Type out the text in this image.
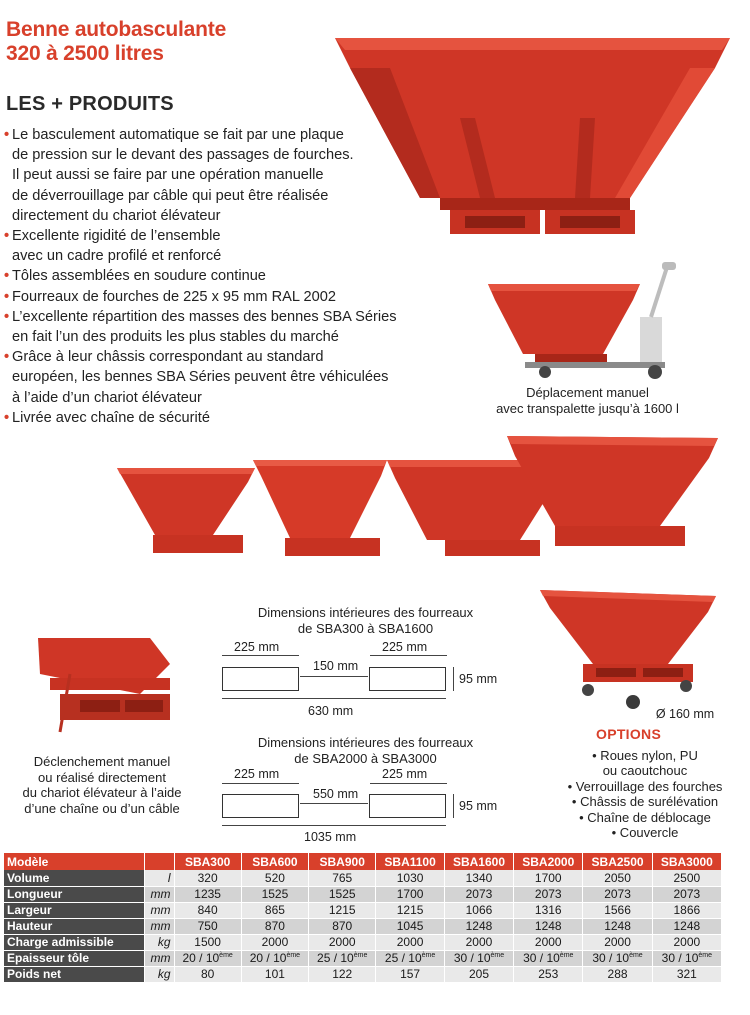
Benne autobasculante
320 à 2500 litres
LES + PRODUITS
• Le basculement automatique se fait par une plaque
de pression sur le devant des passages de fourches.
Il peut aussi se faire par une opération manuelle
de déverrouillage par câble qui peut être réalisée
directement du chariot élévateur
• Excellente rigidité de l’ensemble
avec un cadre profilé et renforcé
• Tôles assemblées en soudure continue
• Fourreaux de fourches de 225 x 95 mm RAL 2002
• L’excellente répartition des masses des bennes SBA Séries
en fait l’un des produits les plus stables du marché
• Grâce à leur châssis correspondant au standard
européen, les bennes SBA Séries peuvent être véhiculées
à l’aide d’un chariot élévateur
• Livrée avec chaîne de sécurité
Déplacement manuel
avec transpalette jusqu’à 1600 l
Ø 160 mm
Déclenchement manuel
ou réalisé directement
du chariot élévateur à l’aide
d’une chaîne ou d’un câble
Dimensions intérieures des fourreaux
de SBA300 à SBA1600
225 mm	225 mm
150 mm
95 mm
630 mm
Dimensions intérieures des fourreaux
de SBA2000 à SBA3000
225 mm	225 mm
550 mm
95 mm
1035 mm
OPTIONS
• Roues nylon, PU
ou caoutchouc
• Verrouillage des fourches
• Châssis de surélévation
• Chaîne de déblocage
• Couvercle
Modèle		SBA300	SBA600	SBA900	SBA1100	SBA1600	SBA2000	SBA2500	SBA3000
Volume	l	320	520	765	1030	1340	1700	2050	2500
Longueur	mm	1235	1525	1525	1700	2073	2073	2073	2073
Largeur	mm	840	865	1215	1215	1066	1316	1566	1866
Hauteur	mm	750	870	870	1045	1248	1248	1248	1248
Charge admissible	kg	1500	2000	2000	2000	2000	2000	2000	2000
Epaisseur tôle	mm	20 / 10ème	20 / 10ème	25 / 10ème	25 / 10ème	30 / 10ème	30 / 10ème	30 / 10ème	30 / 10ème
Poids net	kg	80	101	122	157	205	253	288	321
